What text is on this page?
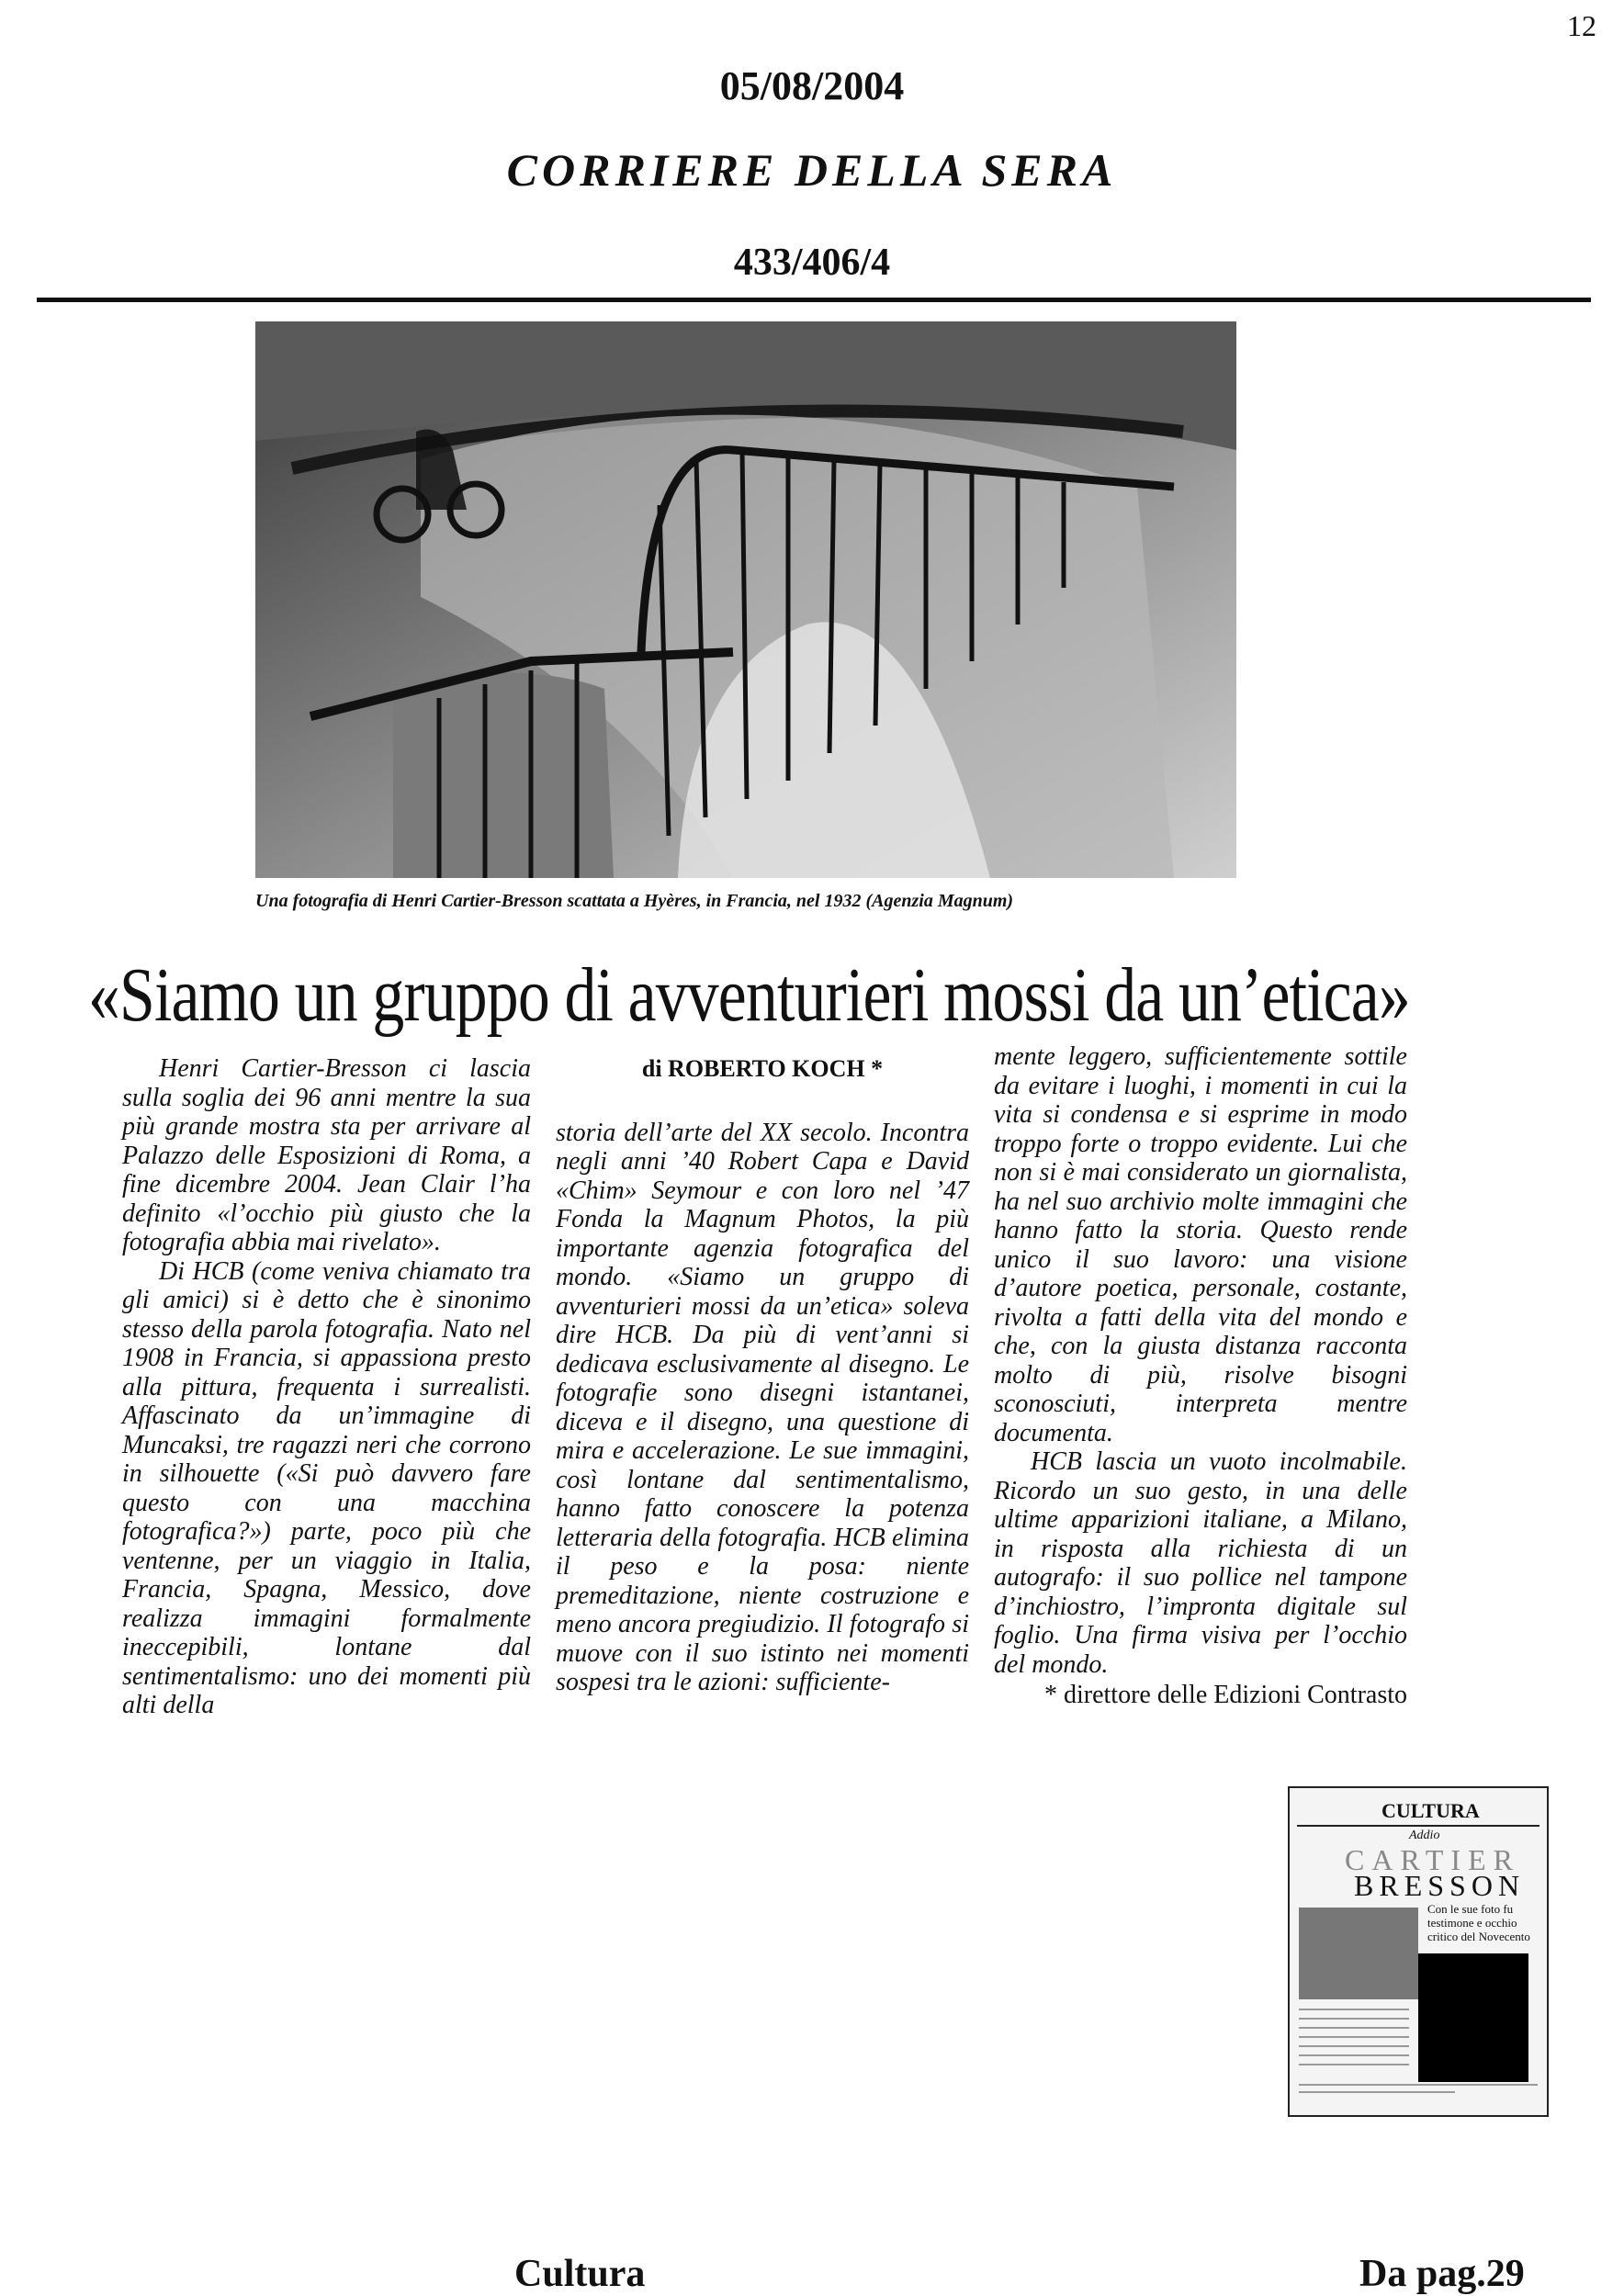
12
05/08/2004
CORRIERE DELLA SERA
433/406/4
Una fotografia di Henri Cartier-Bresson scattata a Hyères, in Francia, nel 1932 (Agenzia Magnum)
«Siamo un gruppo di avventurieri mossi da un’etica»

Henri Cartier-Bresson ci lascia sulla soglia dei 96 anni mentre la sua più grande mostra sta per arrivare al Palazzo delle Esposizioni di Roma, a fine dicembre 2004. Jean Clair l’ha definito «l’occhio più giusto che la fotografia abbia mai rivelato».

Di HCB (come veniva chiamato tra gli amici) si è detto che è sinonimo stesso della parola fotografia. Nato nel 1908 in Francia, si appassiona presto alla pittura, frequenta i surrealisti. Affascinato da un’immagine di Muncaksi, tre ragazzi neri che corrono in silhouette («Si può davvero fare questo con una macchina fotografica?») parte, poco più che ventenne, per un viaggio in Italia, Francia, Spagna, Messico, dove realizza immagini formalmente ineccepibili, lontane dal sentimentalismo: uno dei momenti più alti della

di ROBERTO KOCH *

storia dell’arte del XX secolo. Incontra negli anni ’40 Robert Capa e David «Chim» Seymour e con loro nel ’47 Fonda la Magnum Photos, la più importante agenzia fotografica del mondo. «Siamo un gruppo di avventurieri mossi da un’etica» soleva dire HCB. Da più di vent’anni si dedicava esclusivamente al disegno. Le fotografie sono disegni istantanei, diceva e il disegno, una questione di mira e accelerazione. Le sue immagini, così lontane dal sentimentalismo, hanno fatto conoscere la potenza letteraria della fotografia. HCB elimina il peso e la posa: niente premeditazione, niente costruzione e meno ancora pregiudizio. Il fotografo si muove con il suo istinto nei momenti sospesi tra le azioni: sufficiente-

mente leggero, sufficientemente sottile da evitare i luoghi, i momenti in cui la vita si condensa e si esprime in modo troppo forte o troppo evidente. Lui che non si è mai considerato un giornalista, ha nel suo archivio molte immagini che hanno fatto la storia. Questo rende unico il suo lavoro: una visione d’autore poetica, personale, costante, rivolta a fatti della vita del mondo e che, con la giusta distanza racconta molto di più, risolve bisogni sconosciuti, interpreta mentre documenta.

HCB lascia un vuoto incolmabile. Ricordo un suo gesto, in una delle ultime apparizioni italiane, a Milano, in risposta alla richiesta di un autografo: il suo pollice nel tampone d’inchiostro, l’impronta digitale sul foglio. Una firma visiva per l’occhio del mondo.

* direttore delle Edizioni Contrasto
CULTURA
Addio
CARTIER
BRESSON
Con le sue foto fu testimone e occhio critico del Novecento
Cultura	Da pag.29
